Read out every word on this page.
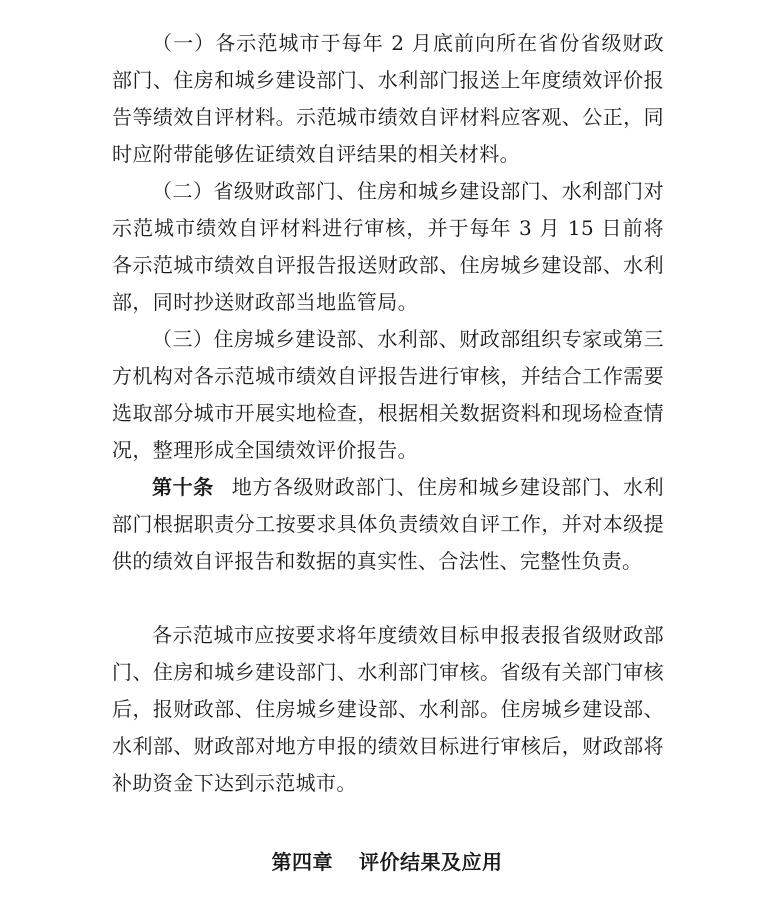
（一）各示范城市于每年 2 月底前向所在省份省级财政部门、住房和城乡建设部门、水利部门报送上年度绩效评价报告等绩效自评材料。示范城市绩效自评材料应客观、公正，同时应附带能够佐证绩效自评结果的相关材料。

（二）省级财政部门、住房和城乡建设部门、水利部门对示范城市绩效自评材料进行审核，并于每年 3 月 15 日前将各示范城市绩效自评报告报送财政部、住房城乡建设部、水利部，同时抄送财政部当地监管局。

（三）住房城乡建设部、水利部、财政部组织专家或第三方机构对各示范城市绩效自评报告进行审核，并结合工作需要选取部分城市开展实地检查，根据相关数据资料和现场检查情况，整理形成全国绩效评价报告。

第十条 地方各级财政部门、住房和城乡建设部门、水利部门根据职责分工按要求具体负责绩效自评工作，并对本级提供的绩效自评报告和数据的真实性、合法性、完整性负责。

各示范城市应按要求将年度绩效目标申报表报省级财政部门、住房和城乡建设部门、水利部门审核。省级有关部门审核后，报财政部、住房城乡建设部、水利部。住房城乡建设部、水利部、财政部对地方申报的绩效目标进行审核后，财政部将补助资金下达到示范城市。

第四章 评价结果及应用
